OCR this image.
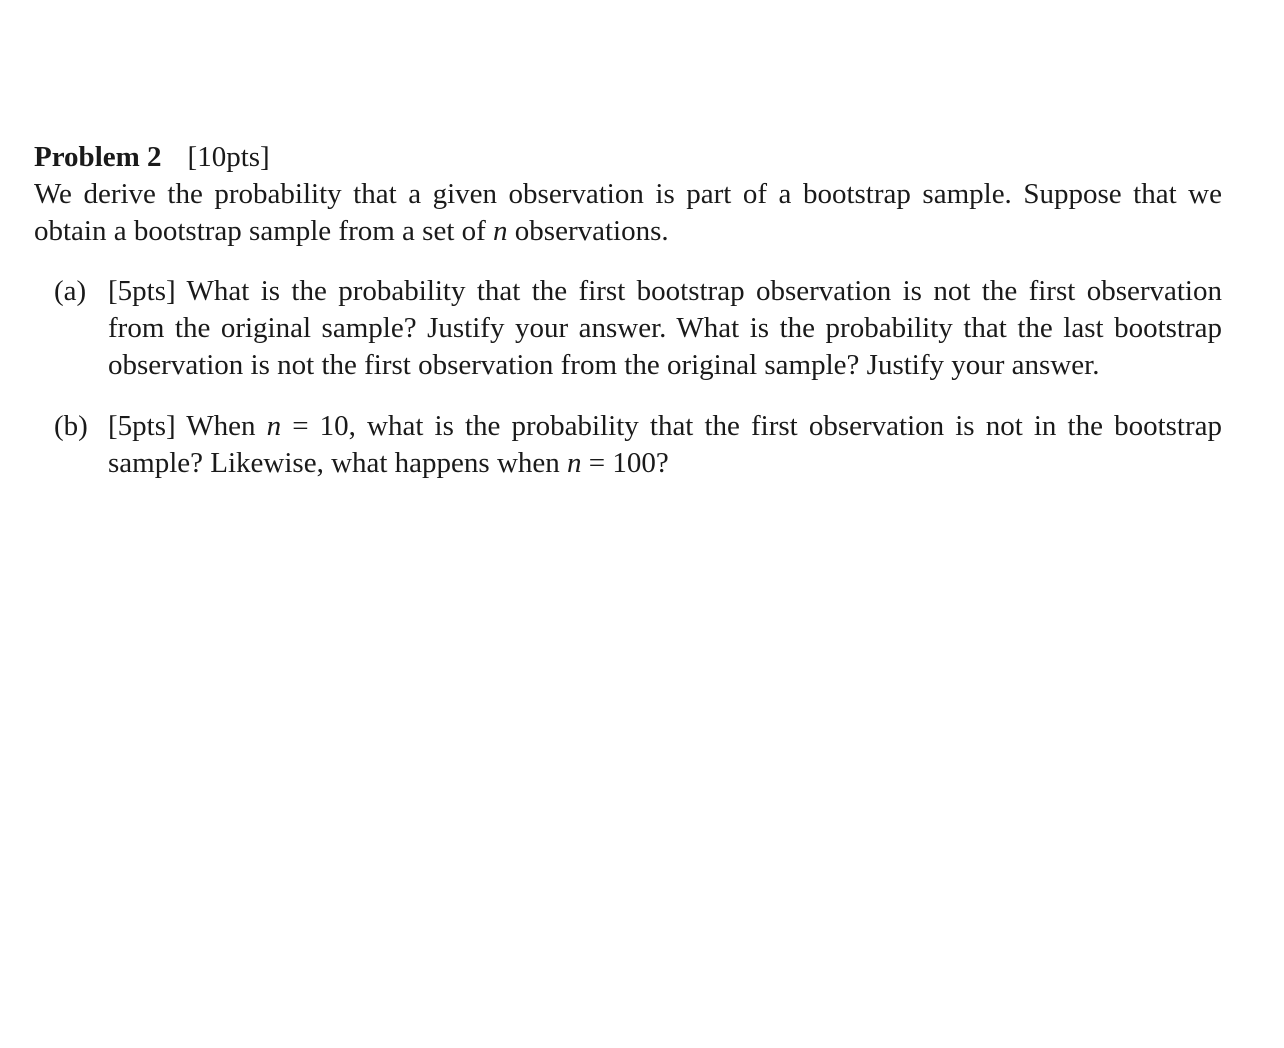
Problem 2 [10pts]

We derive the probability that a given observation is part of a bootstrap sample. Suppose that we obtain a bootstrap sample from a set of n observations.

(a) [5pts] What is the probability that the first bootstrap observation is not the first observation from the original sample? Justify your answer. What is the probability that the last bootstrap observation is not the first observation from the original sample? Justify your answer.
(b) [5pts] When n = 10, what is the probability that the first observation is not in the bootstrap sample? Likewise, what happens when n = 100?
